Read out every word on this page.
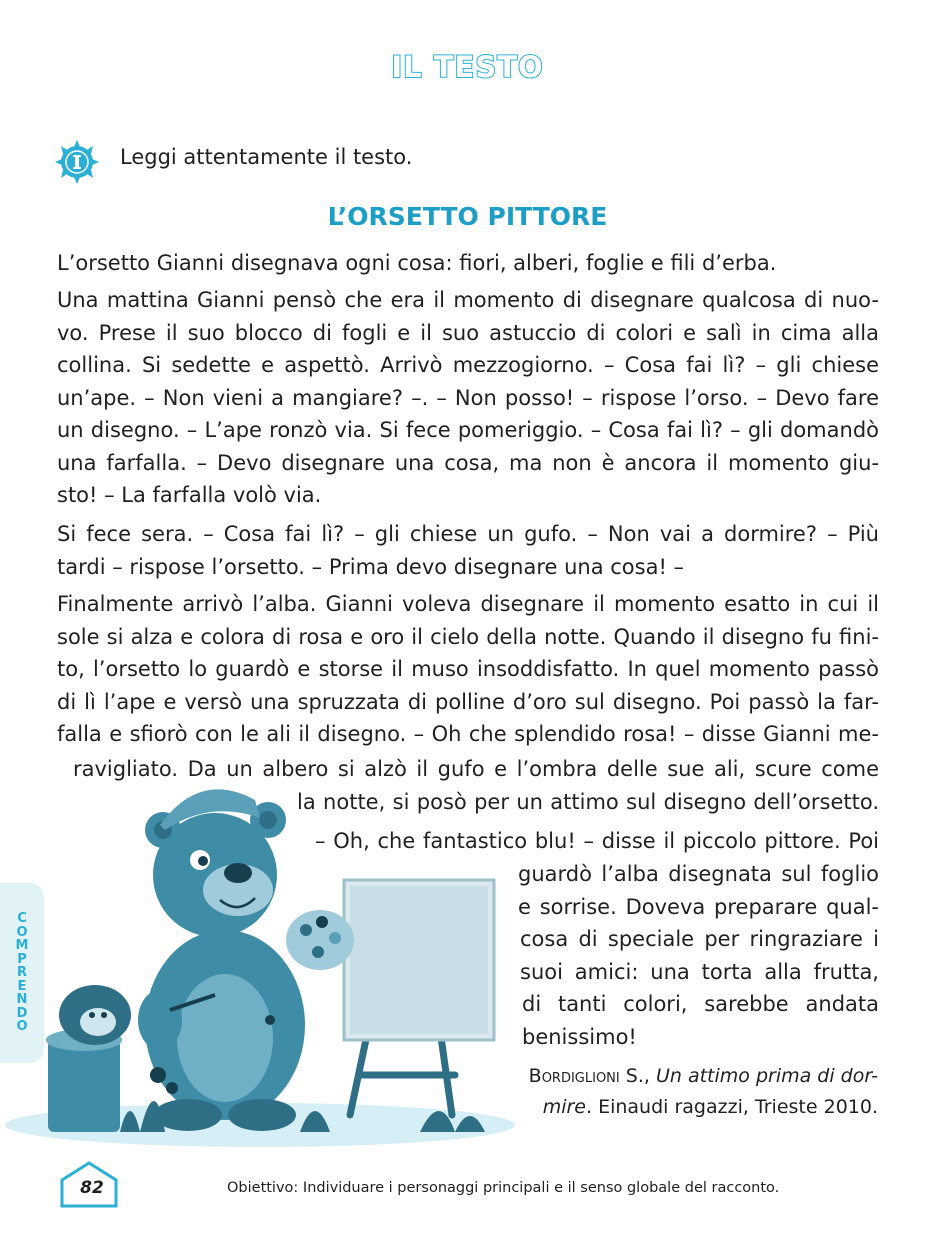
IL TESTO
Leggi attentamente il testo.
L’ORSETTO PITTORE
L’orsetto Gianni disegnava ogni cosa: fiori, alberi, foglie e fili d’erba.
Una mattina Gianni pensò che era il momento di disegnare qualcosa di nuo-
vo. Prese il suo blocco di fogli e il suo astuccio di colori e salì in cima alla
collina. Si sedette e aspettò. Arrivò mezzogiorno. – Cosa fai lì? – gli chiese
un’ape. – Non vieni a mangiare? –. – Non posso! – rispose l’orso. – Devo fare
un disegno. – L’ape ronzò via. Si fece pomeriggio. – Cosa fai lì? – gli domandò
una farfalla. – Devo disegnare una cosa, ma non è ancora il momento giu-
sto! – La farfalla volò via.
Si fece sera. – Cosa fai lì? – gli chiese un gufo. – Non vai a dormire? – Più
tardi – rispose l’orsetto. – Prima devo disegnare una cosa! –
Finalmente arrivò l’alba. Gianni voleva disegnare il momento esatto in cui il
sole si alza e colora di rosa e oro il cielo della notte. Quando il disegno fu fini-
to, l’orsetto lo guardò e storse il muso insoddisfatto. In quel momento passò
di lì l’ape e versò una spruzzata di polline d’oro sul disegno. Poi passò la far-
falla e sfiorò con le ali il disegno. – Oh che splendido rosa! – disse Gianni me-
ravigliato. Da un albero si alzò il gufo e l’ombra delle sue ali, scure come
la notte, si posò per un attimo sul disegno dell’orsetto.
– Oh, che fantastico blu! – disse il piccolo pittore. Poi
guardò l’alba disegnata sul foglio
e sorrise. Doveva preparare qual-
cosa di speciale per ringraziare i
suoi amici: una torta alla frutta,
di tanti colori, sarebbe andata
benissimo!
Bordiglioni S., Un attimo prima di dor-
mire. Einaudi ragazzi, Trieste 2010.
C
O
M
P
R
E
N
D
O
82	Obiettivo: Individuare i personaggi principali e il senso globale del racconto.
